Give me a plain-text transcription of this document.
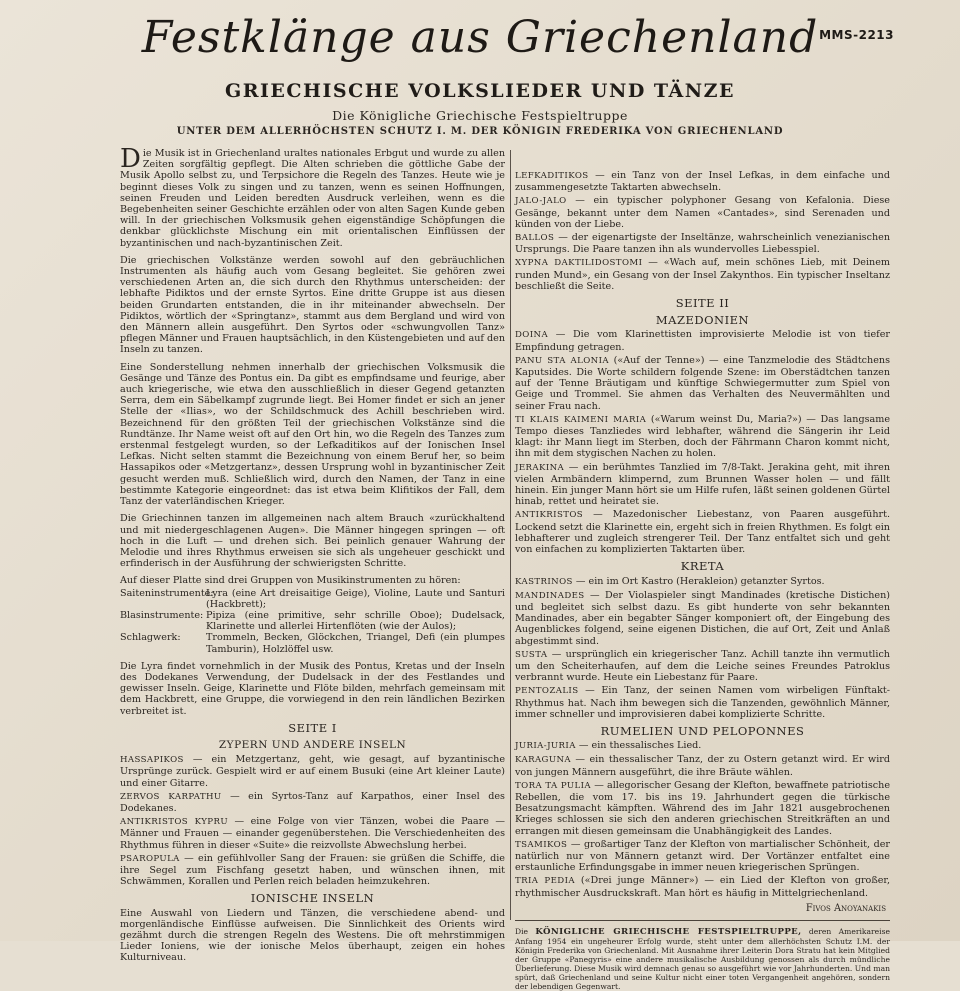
Festklänge aus Griechenland MMS-2213
GRIECHISCHE VOLKSLIEDER UND TÄNZE
Die Königliche Griechische Festspieltruppe
UNTER DEM ALLERHÖCHSTEN SCHUTZ I. M. DER KÖNIGIN FREDERIKA VON GRIECHENLAND

Die Musik ist in Griechenland uraltes nationales Erbgut und wurde zu allen Zeiten sorgfältig gepflegt. Die Alten schrieben die göttliche Gabe der Musik Apollo selbst zu, und Terpsichore die Regeln des Tanzes. Heute wie je beginnt dieses Volk zu singen und zu tanzen, wenn es seinen Hoffnungen, seinen Freuden und Leiden beredten Ausdruck verleihen, wenn es die Begebenheiten seiner Geschichte erzählen oder von alten Sagen Kunde geben will. In der griechischen Volksmusik gehen eigenständige Schöpfungen die denkbar glücklichste Mischung ein mit orientalischen Einflüssen der byzantinischen und nach-byzantinischen Zeit.

Die griechischen Volkstänze werden sowohl auf den gebräuchlichen Instrumenten als häufig auch vom Gesang begleitet. Sie gehören zwei verschiedenen Arten an, die sich durch den Rhythmus unterscheiden: der lebhafte Pidiktos und der ernste Syrtos. Eine dritte Gruppe ist aus diesen beiden Grundarten entstanden, die in ihr miteinander abwechseln. Der Pidiktos, wörtlich der «Springtanz», stammt aus dem Bergland und wird von den Männern allein ausgeführt. Den Syrtos oder «schwungvollen Tanz» pflegen Männer und Frauen hauptsächlich, in den Küstengebieten und auf den Inseln zu tanzen.

Eine Sonderstellung nehmen innerhalb der griechischen Volksmusik die Gesänge und Tänze des Pontus ein. Da gibt es empfindsame und feurige, aber auch kriegerische, wie etwa den ausschließlich in dieser Gegend getanzten Serra, dem ein Säbelkampf zugrunde liegt. Bei Homer findet er sich an jener Stelle der «Ilias», wo der Schildschmuck des Achill beschrieben wird. Bezeichnend für den größten Teil der griechischen Volkstänze sind die Rundtänze. Ihr Name weist oft auf den Ort hin, wo die Regeln des Tanzes zum erstenmal festgelegt wurden, so der Lefkaditikos auf der Ionischen Insel Lefkas. Nicht selten stammt die Bezeichnung von einem Beruf her, so beim Hassapikos oder «Metzgertanz», dessen Ursprung wohl in byzantinischer Zeit gesucht werden muß. Schließlich wird, durch den Namen, der Tanz in eine bestimmte Kategorie eingeordnet: das ist etwa beim Klifitikos der Fall, dem Tanz der vaterländischen Krieger.

Die Griechinnen tanzen im allgemeinen nach altem Brauch «zurückhaltend und mit niedergeschlagenen Augen». Die Männer hingegen springen — oft hoch in die Luft — und drehen sich. Bei peinlich genauer Wahrung der Melodie und ihres Rhythmus erweisen sie sich als ungeheuer geschickt und erfinderisch in der Ausführung der schwierigsten Schritte.

Auf dieser Platte sind drei Gruppen von Musikinstrumenten zu hören:

Saiteninstrumente:
Lyra (eine Art dreisaitige Geige), Violine, Laute und Santuri (Hackbrett);
Blasinstrumente: Pipiza (eine primitive, sehr schrille Oboe); Dudelsack, Klarinette und allerlei Hirtenflöten (wie der Aulos);
Schlagwerk:	Trommeln, Becken, Glöckchen, Triangel, Defi (ein plumpes Tamburin), Holzlöffel usw.

Die Lyra findet vornehmlich in der Musik des Pontus, Kretas und der Inseln des Dodekanes Verwendung, der Dudelsack in der des Festlandes und gewisser Inseln. Geige, Klarinette und Flöte bilden, mehrfach gemeinsam mit dem Hackbrett, eine Gruppe, die vorwiegend in den rein ländlichen Bezirken verbreitet ist.

SEITE I
ZYPERN UND ANDERE INSELN
HASSAPIKOS — ein Metzgertanz, geht, wie gesagt, auf byzantinische Ursprünge zurück. Gespielt wird er auf einem Busuki (eine Art kleiner Laute) und einer Gitarre.
ZERVOS KARPATHU — ein Syrtos-Tanz auf Karpathos, einer Insel des Dodekanes.
ANTIKRISTOS KYPRU — eine Folge von vier Tänzen, wobei die Paare — Männer und Frauen — einander gegenüberstehen. Die Verschiedenheiten des Rhythmus führen in dieser «Suite» die reizvollste Abwechslung herbei.
PSAROPULA — ein gefühlvoller Sang der Frauen: sie grüßen die Schiffe, die ihre Segel zum Fischfang gesetzt haben, und wünschen ihnen, mit Schwämmen, Korallen und Perlen reich beladen heimzukehren.
IONISCHE INSELN

Eine Auswahl von Liedern und Tänzen, die verschiedene abend- und morgenländische Einflüsse aufweisen. Die Sinnlichkeit des Orients wird gezähmt durch die strengen Regeln des Westens. Die oft mehrstimmigen Lieder Ioniens, wie der ionische Melos überhaupt, zeigen ein hohes Kulturniveau.

LEFKADITIKOS — ein Tanz von der Insel Lefkas, in dem einfache und zusammengesetzte Taktarten abwechseln.
JALO-JALO — ein typischer polyphoner Gesang von Kefalonia. Diese Gesänge, bekannt unter dem Namen «Cantades», sind Serenaden und künden von der Liebe.
BALLOS — der eigenartigste der Inseltänze, wahrscheinlich venezianischen Ursprungs. Die Paare tanzen ihn als wundervolles Liebesspiel.
XYPNA DAKTILIDOSTOMI — «Wach auf, mein schönes Lieb, mit Deinem runden Mund», ein Gesang von der Insel Zakynthos. Ein typischer Inseltanz beschließt die Seite.
SEITE II
MAZEDONIEN
DOINA — Die vom Klarinettisten improvisierte Melodie ist von tiefer Empfindung getragen.
PANU STA ALONIA («Auf der Tenne») — eine Tanzmelodie des Städtchens Kaputsides. Die Worte schildern folgende Szene: im Oberstädtchen tanzen auf der Tenne Bräutigam und künftige Schwiegermutter zum Spiel von Geige und Trommel. Sie ahmen das Verhalten des Neuvermählten und seiner Frau nach.
TI KLAIS KAIMENI MARIA («Warum weinst Du, Maria?») — Das langsame Tempo dieses Tanzliedes wird lebhafter, während die Sängerin ihr Leid klagt: ihr Mann liegt im Sterben, doch der Fährmann Charon kommt nicht, ihn mit dem stygischen Nachen zu holen.
JERAKINA — ein berühmtes Tanzlied im 7/8-Takt. Jerakina geht, mit ihren vielen Armbändern klimpernd, zum Brunnen Wasser holen — und fällt hinein. Ein junger Mann hört sie um Hilfe rufen, läßt seinen goldenen Gürtel hinab, rettet und heiratet sie.
ANTIKRISTOS — Mazedonischer Liebestanz, von Paaren ausgeführt. Lockend setzt die Klarinette ein, ergeht sich in freien Rhythmen. Es folgt ein lebhafterer und zugleich strengerer Teil. Der Tanz entfaltet sich und geht von einfachen zu komplizierten Taktarten über.
KRETA
KASTRINOS — ein im Ort Kastro (Herakleion) getanzter Syrtos.
MANDINADES — Der Violaspieler singt Mandinades (kretische Distichen) und begleitet sich selbst dazu. Es gibt hunderte von sehr bekannten Mandinades, aber ein begabter Sänger komponiert oft, der Eingebung des Augenblickes folgend, seine eigenen Distichen, die auf Ort, Zeit und Anlaß abgestimmt sind.
SUSTA — ursprünglich ein kriegerischer Tanz. Achill tanzte ihn vermutlich um den Scheiterhaufen, auf dem die Leiche seines Freundes Patroklus verbrannt wurde. Heute ein Liebestanz für Paare.
PENTOZALIS — Ein Tanz, der seinen Namen vom wirbeligen Fünftakt-Rhythmus hat. Nach ihm bewegen sich die Tanzenden, gewöhnlich Männer, immer schneller und improvisieren dabei komplizierte Schritte.
RUMELIEN UND PELOPONNES
JURIA-JURIA — ein thessalisches Lied.
KARAGUNA — ein thessalischer Tanz, der zu Ostern getanzt wird. Er wird von jungen Männern ausgeführt, die ihre Bräute wählen.
TORA TA PULIA — allegorischer Gesang der Klefton, bewaffnete patriotische Rebellen, die vom 17. bis ins 19. Jahrhundert gegen die türkische Besatzungsmacht kämpften. Während des im Jahr 1821 ausgebrochenen Krieges schlossen sie sich den anderen griechischen Streitkräften an und errangen mit diesen gemeinsam die Unabhängigkeit des Landes.
TSAMIKOS — großartiger Tanz der Klefton von martialischer Schönheit, der natürlich nur von Männern getanzt wird. Der Vortänzer entfaltet eine erstaunliche Erfindungsgabe in immer neuen kriegerischen Sprüngen.
TRIA PEDIA («Drei junge Männer») — ein Lied der Klefton von großer, rhythmischer Ausdruckskraft. Man hört es häufig in Mittelgriechenland.
Fivos Anoyanakis
Die KÖNIGLICHE GRIECHISCHE FESTSPIELTRUPPE, deren Amerikareise Anfang 1954 ein ungeheurer Erfolg wurde, steht unter dem allerhöchsten Schutz I.M. der Königin Frederika von Griechenland. Mit Ausnahme ihrer Leiterin Dora Stratu hat kein Mitglied der Gruppe «Panegyris» eine andere musikalische Ausbildung genossen als durch mündliche Überlieferung. Diese Musik wird demnach genau so ausgeführt wie vor Jahrhunderten. Und man spürt, daß Griechenland und seine Kultur nicht einer toten Vergangenheit angehören, sondern der lebendigen Gegenwart.
